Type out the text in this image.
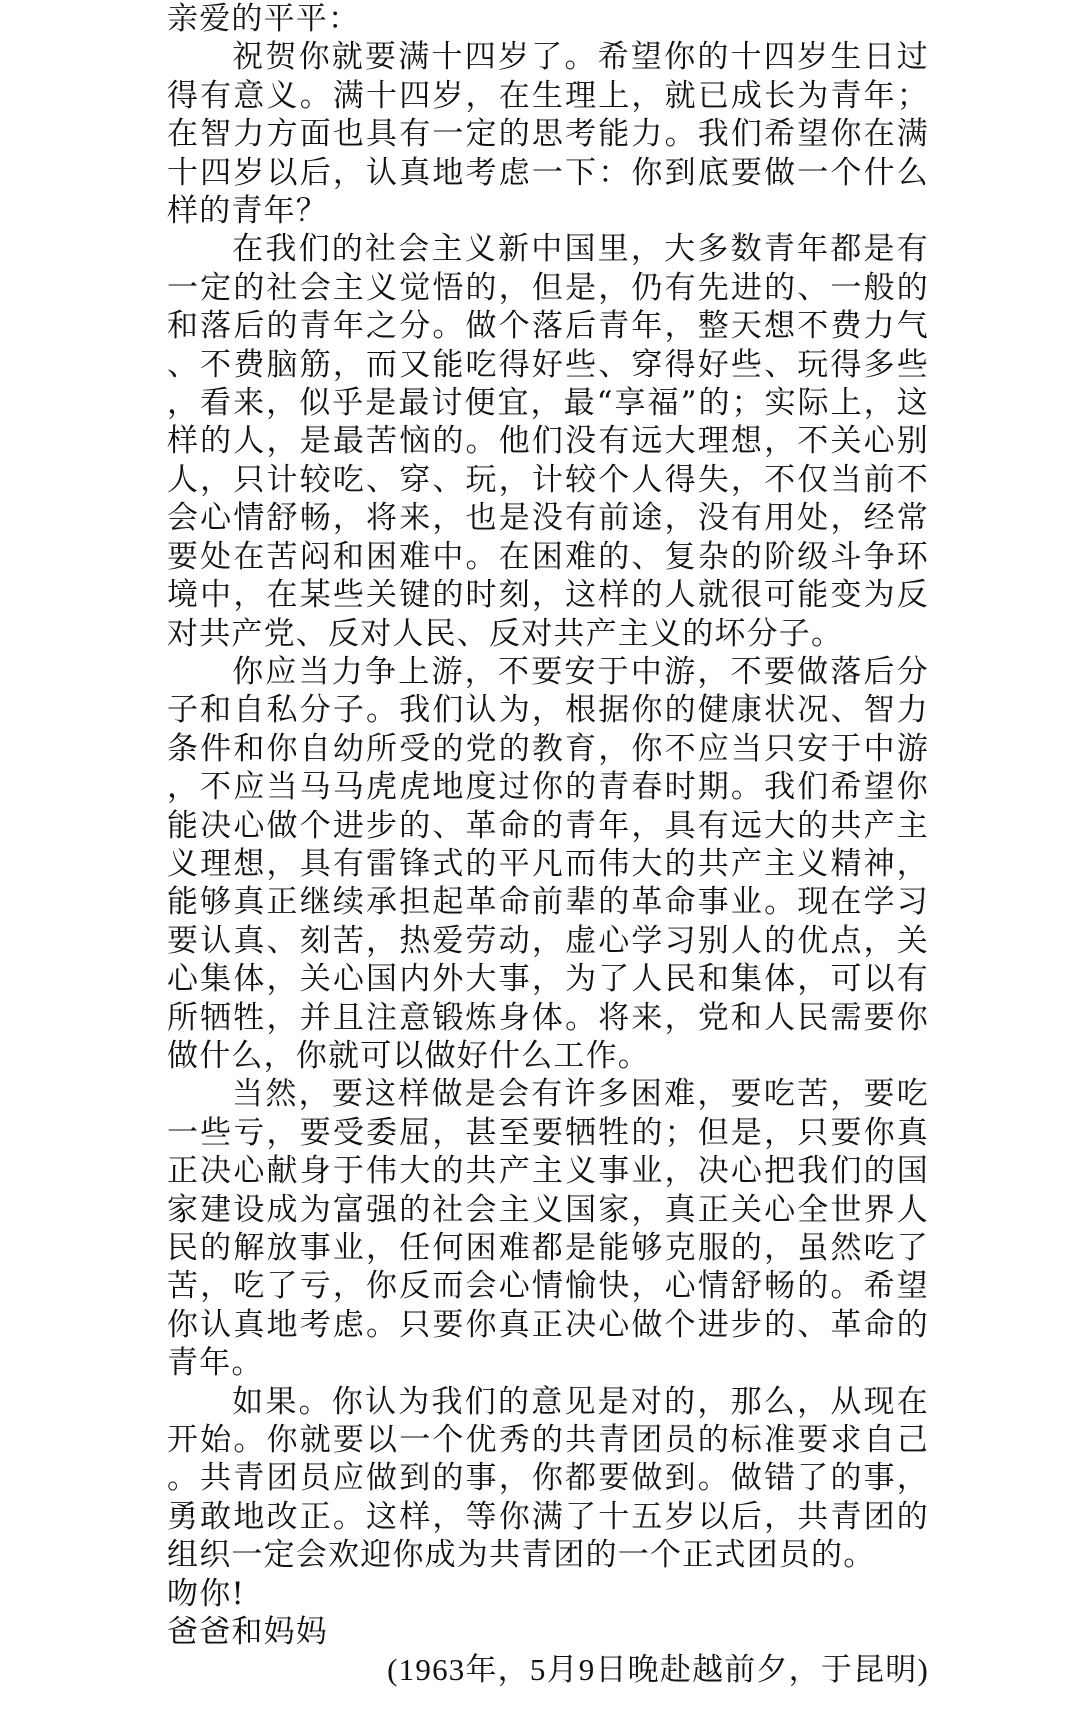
亲爱的平平：

祝贺你就要满十四岁了。希望你的十四岁生日过得有意义。满十四岁，在生理上，就已成长为青年；在智力方面也具有一定的思考能力。我们希望你在满十四岁以后，认真地考虑一下：你到底要做一个什么样的青年？

在我们的社会主义新中国里，大多数青年都是有一定的社会主义觉悟的，但是，仍有先进的、一般的和落后的青年之分。做个落后青年，整天想不费力气、不费脑筋，而又能吃得好些、穿得好些、玩得多些，看来，似乎是最讨便宜，最“享福”的；实际上，这样的人，是最苦恼的。他们没有远大理想，不关心别人，只计较吃、穿、玩，计较个人得失，不仅当前不会心情舒畅，将来，也是没有前途，没有用处，经常要处在苦闷和困难中。在困难的、复杂的阶级斗争环境中，在某些关键的时刻，这样的人就很可能变为反对共产党、反对人民、反对共产主义的坏分子。

你应当力争上游，不要安于中游，不要做落后分子和自私分子。我们认为，根据你的健康状况、智力条件和你自幼所受的党的教育，你不应当只安于中游，不应当马马虎虎地度过你的青春时期。我们希望你能决心做个进步的、革命的青年，具有远大的共产主义理想，具有雷锋式的平凡而伟大的共产主义精神，能够真正继续承担起革命前辈的革命事业。现在学习要认真、刻苦，热爱劳动，虚心学习别人的优点，关心集体，关心国内外大事，为了人民和集体，可以有所牺牲，并且注意锻炼身体。将来，党和人民需要你做什么，你就可以做好什么工作。

当然，要这样做是会有许多困难，要吃苦，要吃一些亏，要受委屈，甚至要牺牲的；但是，只要你真正决心献身于伟大的共产主义事业，决心把我们的国家建设成为富强的社会主义国家，真正关心全世界人民的解放事业，任何困难都是能够克服的，虽然吃了苦，吃了亏，你反而会心情愉快，心情舒畅的。希望你认真地考虑。只要你真正决心做个进步的、革命的青年。

如果。你认为我们的意见是对的，那么，从现在开始。你就要以一个优秀的共青团员的标准要求自己。共青团员应做到的事，你都要做到。做错了的事，勇敢地改正。这样，等你满了十五岁以后，共青团的组织一定会欢迎你成为共青团的一个正式团员的。

吻你!

爸爸和妈妈

(1963年，5月9日晚赴越前夕，于昆明)
